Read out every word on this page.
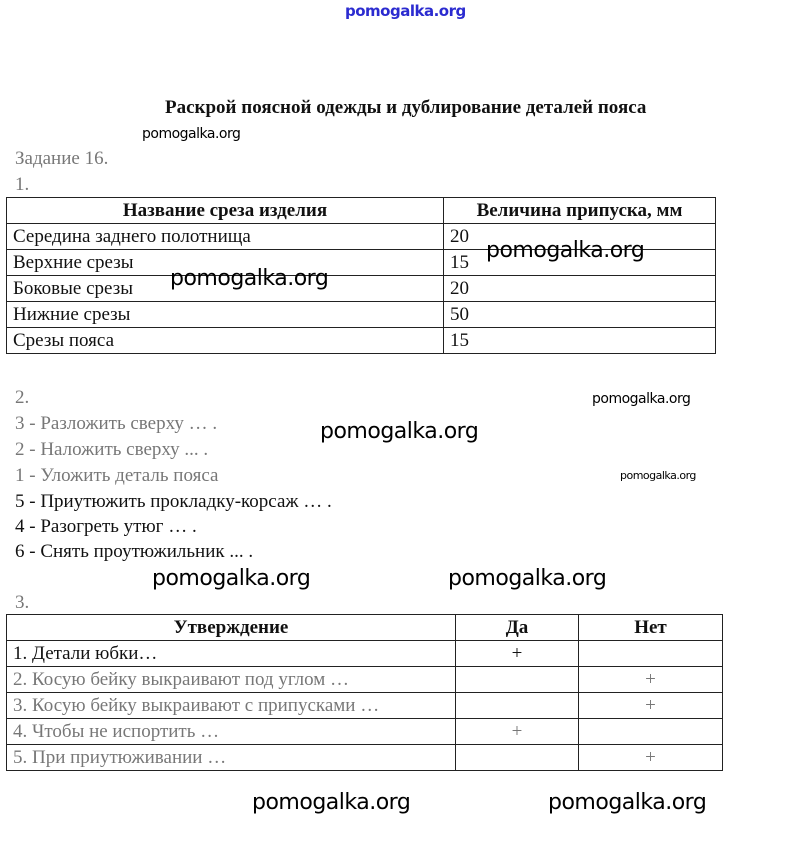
pomogalka.org
Раскрой поясной одежды и дублирование деталей пояса
Задание 16.
1.
Название среза изделия	Величина припуска, мм
Середина заднего полотнища	20
Верхние срезы	15
Боковые срезы	20
Нижние срезы	50
Срезы пояса	15
2.
3 - Разложить сверху … .
2 - Наложить сверху ... .
1 - Уложить деталь пояса
5 - Приутюжить прокладку-корсаж … .
4 - Разогреть утюг … .
6 - Снять проутюжильник ... .
3.
Утверждение	Да	Нет
1. Детали юбки…	+	
2. Косую бейку выкраивают под углом …		+
3. Косую бейку выкраивают с припусками …		+
4. Чтобы не испортить …	+	
5. При приутюживании …		+
pomogalka.org
pomogalka.org
pomogalka.org
pomogalka.org
pomogalka.org
pomogalka.org
pomogalka.org	pomogalka.org
pomogalka.org	pomogalka.org
